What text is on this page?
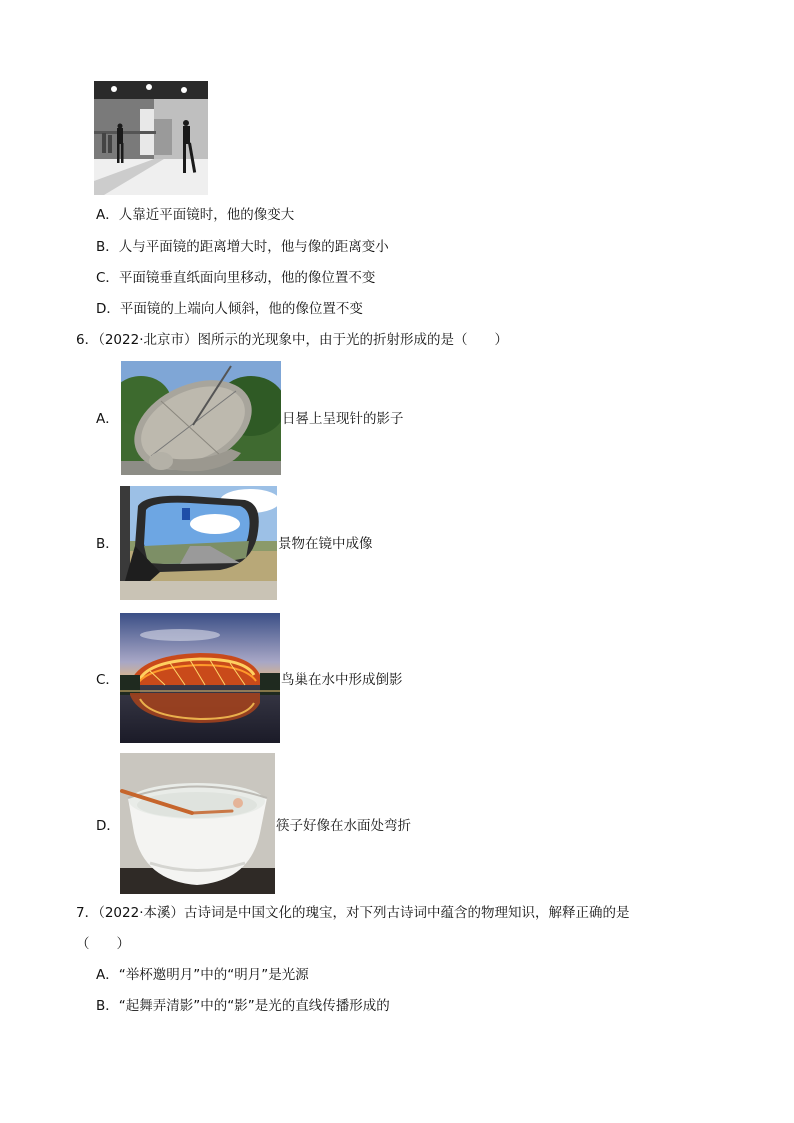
A．人靠近平面镜时，他的像变大
B．人与平面镜的距离增大时，他与像的距离变小
C．平面镜垂直纸面向里移动，他的像位置不变
D．平面镜的上端向人倾斜，他的像位置不变
6．（2022·北京市）图所示的光现象中，由于光的折射形成的是（　　）
A．	日晷上呈现针的影子
B．	景物在镜中成像
C．	鸟巢在水中形成倒影
D．	筷子好像在水面处弯折
7．（2022·本溪）古诗词是中国文化的瑰宝，对下列古诗词中蕴含的物理知识，解释正确的是
（　　）
A．“举杯邀明月”中的“明月”是光源
B．“起舞弄清影”中的“影”是光的直线传播形成的
